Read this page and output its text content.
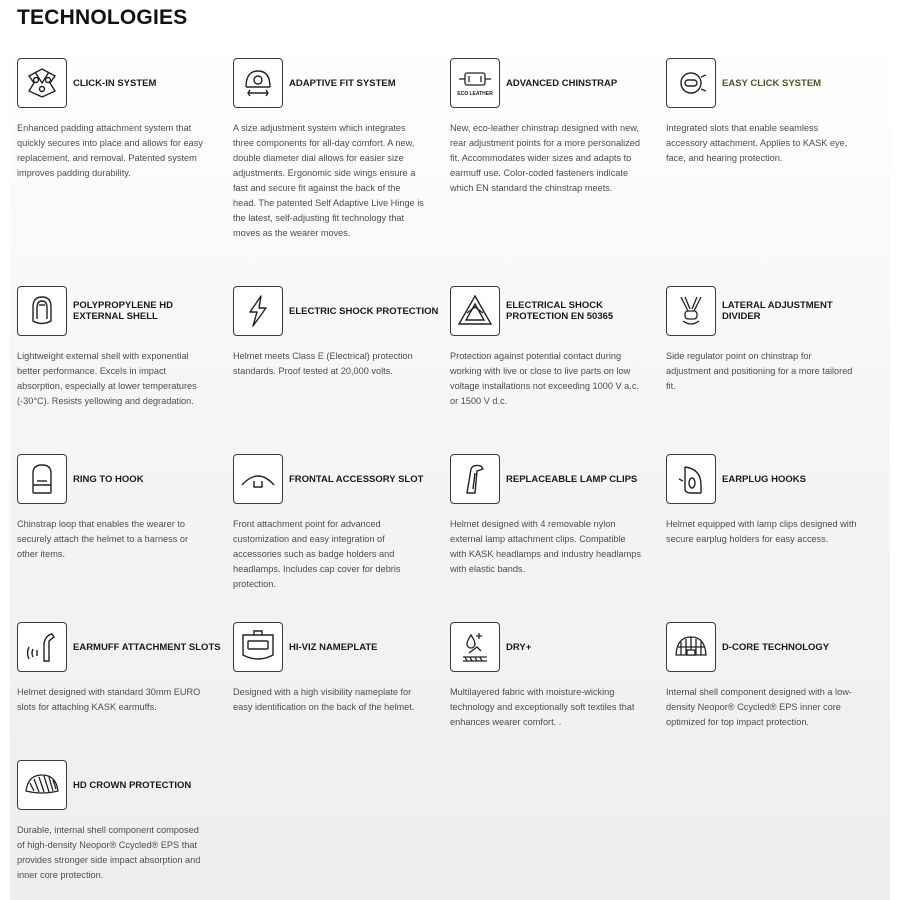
TECHNOLOGIES
CLICK-IN SYSTEM
Enhanced padding attachment system that quickly secures into place and allows for easy replacement, and removal. Patented system improves padding durability.
ADAPTIVE FIT SYSTEM
A size adjustment system which integrates three components for all-day comfort. A new, double diameter dial allows for easier size adjustments. Ergonomic side wings ensure a fast and secure fit against the back of the head. The patented Self Adaptive Live Hinge is the latest, self-adjusting fit technology that moves as the wearer moves.
ECO LEATHER
ADVANCED CHINSTRAP
New, eco-leather chinstrap designed with new, rear adjustment points for a more personalized fit. Accommodates wider sizes and adapts to earmuff use. Color-coded fasteners indicate which EN standard the chinstrap meets.
EASY CLICK SYSTEM
Integrated slots that enable seamless accessory attachment. Applies to KASK eye, face, and hearing protection.
POLYPROPYLENE HD EXTERNAL SHELL
Lightweight external shell with exponential better performance. Excels in impact absorption, especially at lower temperatures (-30°C). Resists yellowing and degradation.
ELECTRIC SHOCK PROTECTION
Helmet meets Class E (Electrical) protection standards. Proof tested at 20,000 volts.
ELECTRICAL SHOCK PROTECTION EN 50365
Protection against potential contact during working with live or close to live parts on low voltage installations not exceeding 1000 V a.c. or 1500 V d.c.
LATERAL ADJUSTMENT DIVIDER
Side regulator point on chinstrap for adjustment and positioning for a more tailored fit.
RING TO HOOK
Chinstrap loop that enables the wearer to securely attach the helmet to a harness or other items.
FRONTAL ACCESSORY SLOT
Front attachment point for advanced customization and easy integration of accessories such as badge holders and headlamps. Includes cap cover for debris protection.
REPLACEABLE LAMP CLIPS
Helmet designed with 4 removable nylon external lamp attachment clips. Compatible with KASK headlamps and industry headlamps with elastic bands.
EARPLUG HOOKS
Helmet equipped with lamp clips designed with secure earplug holders for easy access.
EARMUFF ATTACHMENT SLOTS
Helmet designed with standard 30mm EURO slots for attaching KASK earmuffs.
HI-VIZ NAMEPLATE
Designed with a high visibility nameplate for easy identification on the back of the helmet.
DRY+
Multilayered fabric with moisture-wicking technology and exceptionally soft textiles that enhances wearer comfort. .
D-CORE TECHNOLOGY
Internal shell component designed with a low-density Neopor® Ccycled® EPS inner core optimized for top impact protection.
HD CROWN PROTECTION
Durable, internal shell component composed of high-density Neopor® Ccycled® EPS that provides stronger side impact absorption and inner core protection.
